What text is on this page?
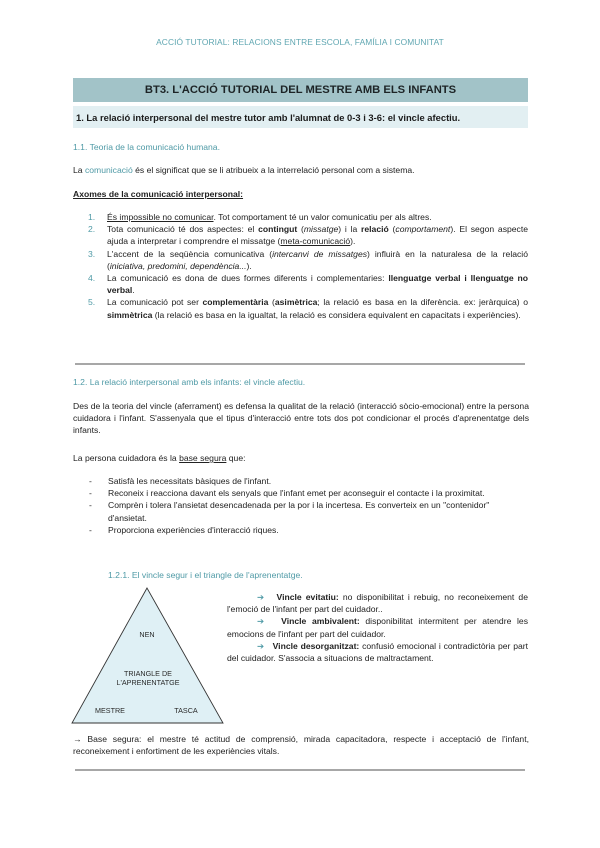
ACCIÓ TUTORIAL: RELACIONS ENTRE ESCOLA, FAMÍLIA I COMUNITAT
BT3. L'ACCIÓ TUTORIAL DEL MESTRE AMB ELS INFANTS
1. La relació interpersonal del mestre tutor amb l'alumnat de 0-3 i 3-6: el vincle afectiu.
1.1. Teoria de la comunicació humana.
La comunicació és el significat que se li atribueix a la interrelació personal com a sistema.
Axomes de la comunicació interpersonal:
1. És impossible no comunicar. Tot comportament té un valor comunicatiu per als altres.
2. Tota comunicació té dos aspectes: el contingut (missatge) i la relació (comportament). El segon aspecte ajuda a interpretar i comprendre el missatge (meta-comunicació).
3. L'accent de la seqüència comunicativa (intercanvi de missatges) influirà en la naturalesa de la relació (iniciativa, predomini, dependència...).
4. La comunicació es dona de dues formes diferents i complementaries: llenguatge verbal i llenguatge no verbal.
5. La comunicació pot ser complementària (asimètrica; la relació es basa en la diferència. ex: jeràrquica) o simmètrica (la relació es basa en la igualtat, la relació es considera equivalent en capacitats i experiències).
1.2. La relació interpersonal amb els infants: el vincle afectiu.
Des de la teoria del vincle (aferrament) es defensa la qualitat de la relació (interacció sòcio-emocional) entre la persona cuidadora i l'infant. S'assenyala que el tipus d'interacció entre tots dos pot condicionar el procés d'aprenentatge dels infants.
La persona cuidadora és la base segura que:
- Satisfà les necessitats bàsiques de l'infant.
- Reconeix i reacciona davant els senyals que l'infant emet per aconseguir el contacte i la proximitat.
- Comprèn i tolera l'ansietat desencadenada per la por i la incertesa. Es converteix en un "contenidor" d'ansietat.
- Proporciona experiències d'interacció riques.
1.2.1. El vincle segur i el triangle de l'aprenentatge.
NEN
TRIANGLE DE
L'APRENENTATGE
MESTRE	TASCA

➔ Vincle evitatiu: no disponibilitat i rebuig, no reconeixement de l'emoció de l'infant per part del cuidador..

➔ Vincle ambivalent: disponibilitat intermitent per atendre les emocions de l'infant per part del cuidador.

➔ Vincle desorganitzat: confusió emocional i contradictòria per part del cuidador. S'associa a situacions de maltractament.

→ Base segura: el mestre té actitud de comprensió, mirada capacitadora, respecte i acceptació de l'infant, reconeixement i enfortiment de les experiències vitals.
